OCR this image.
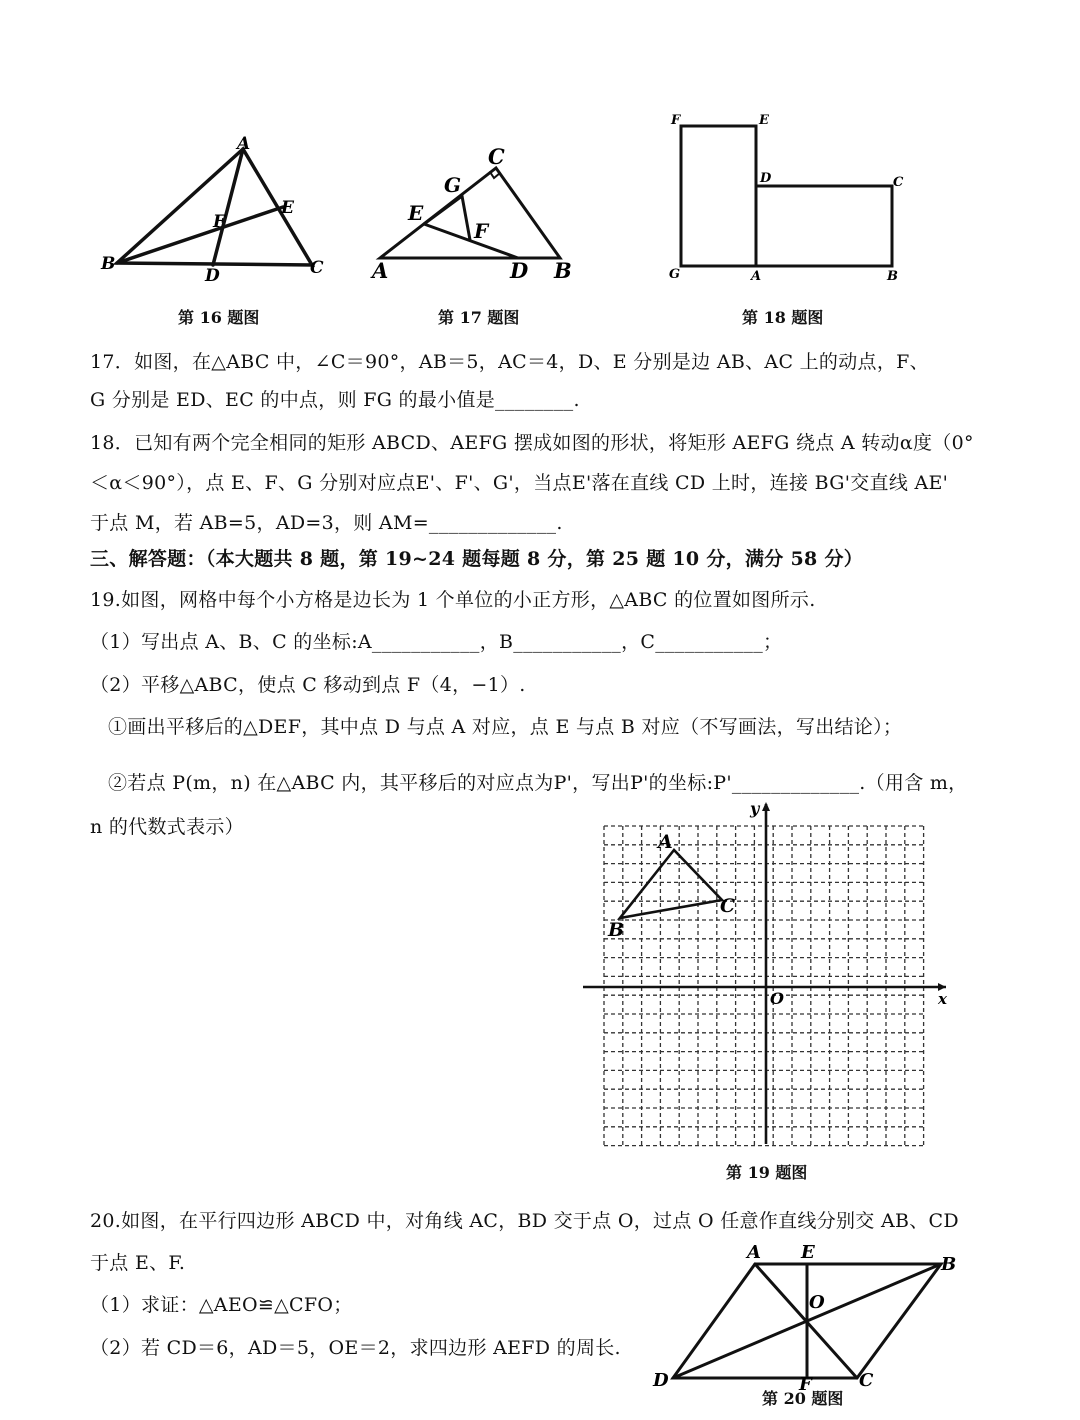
A
B	C
D
E
F
第 16 题图
A	B
C
D
E
F
G
第 17 题图
F	E
D	C
G	A	B
第 18 题图
17．如图，在△ABC 中，∠C＝90°，AB＝5，AC＝4，D、E 分别是边 AB、AC 上的动点，F、
G 分别是 ED、EC 的中点，则 FG 的最小值是________.
18．已知有两个完全相同的矩形 ABCD、AEFG 摆成如图的形状，将矩形 AEFG 绕点 A 转动α度（0°
＜α＜90°），点 E、F、G 分别对应点E'、F'、G'，当点E'落在直线 CD 上时，连接 BG'交直线 AE'
于点 M，若 AB=5，AD=3，则 AM=_____________.
三、解答题：（本大题共 8 题，第 19~24 题每题 8 分，第 25 题 10 分，满分 58 分）
19.如图，网格中每个小方格是边长为 1 个单位的小正方形，△ABC 的位置如图所示.
（1）写出点 A、B、C 的坐标:A___________，B___________，C___________；
（2）平移△ABC，使点 C 移动到点 F（4，−1）.
①画出平移后的△DEF，其中点 D 与点 A 对应，点 E 与点 B 对应（不写画法，写出结论）；
②若点 P(m，n) 在△ABC 内，其平移后的对应点为P'，写出P'的坐标:P'_____________.（用含 m，
n 的代数式表示）
A
B
C
y
x
O
第 19 题图
20.如图，在平行四边形 ABCD 中，对角线 AC，BD 交于点 O，过点 O 任意作直线分别交 AB、CD
于点 E、F.
（1）求证：△AEO≌△CFO；
（2）若 CD＝6，AD＝5，OE＝2，求四边形 AEFD 的周长.
A E
B
O
D	F	C
第 20 题图
